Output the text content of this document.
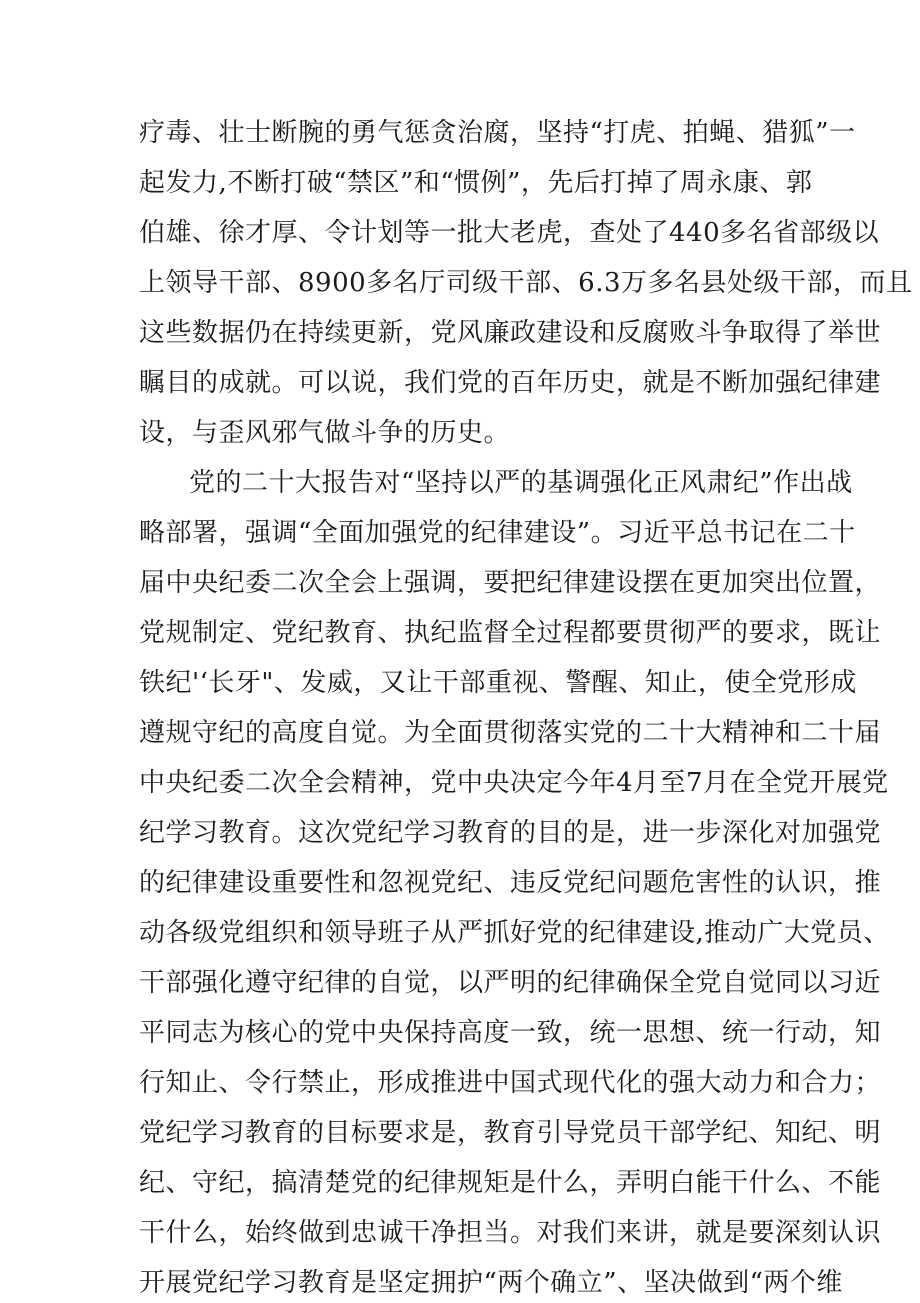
疗毒、壮士断腕的勇气惩贪治腐，坚持“打虎、拍蝇、猎狐”一
起发力,不断打破“禁区”和“惯例”，先后打掉了周永康、郭
伯雄、徐才厚、令计划等一批大老虎，查处了440多名省部级以
上领导干部、8900多名厅司级干部、6.3万多名县处级干部，而且
这些数据仍在持续更新，党风廉政建设和反腐败斗争取得了举世
瞩目的成就。可以说，我们党的百年历史，就是不断加强纪律建
设，与歪风邪气做斗争的历史。
党的二十大报告对“坚持以严的基调强化正风肃纪”作出战
略部署，强调“全面加强党的纪律建设”。习近平总书记在二十
届中央纪委二次全会上强调，要把纪律建设摆在更加突出位置，
党规制定、党纪教育、执纪监督全过程都要贯彻严的要求，既让
铁纪'‘长牙"、发威，又让干部重视、警醒、知止，使全党形成
遵规守纪的高度自觉。为全面贯彻落实党的二十大精神和二十届
中央纪委二次全会精神，党中央决定今年4月至7月在全党开展党
纪学习教育。这次党纪学习教育的目的是，进一步深化对加强党
的纪律建设重要性和忽视党纪、违反党纪问题危害性的认识，推
动各级党组织和领导班子从严抓好党的纪律建设,推动广大党员、
干部强化遵守纪律的自觉，以严明的纪律确保全党自觉同以习近
平同志为核心的党中央保持高度一致，统一思想、统一行动，知
行知止、令行禁止，形成推进中国式现代化的强大动力和合力；
党纪学习教育的目标要求是，教育引导党员干部学纪、知纪、明
纪、守纪，搞清楚党的纪律规矩是什么，弄明白能干什么、不能
干什么，始终做到忠诚干净担当。对我们来讲，就是要深刻认识
开展党纪学习教育是坚定拥护“两个确立”、坚决做到“两个维
